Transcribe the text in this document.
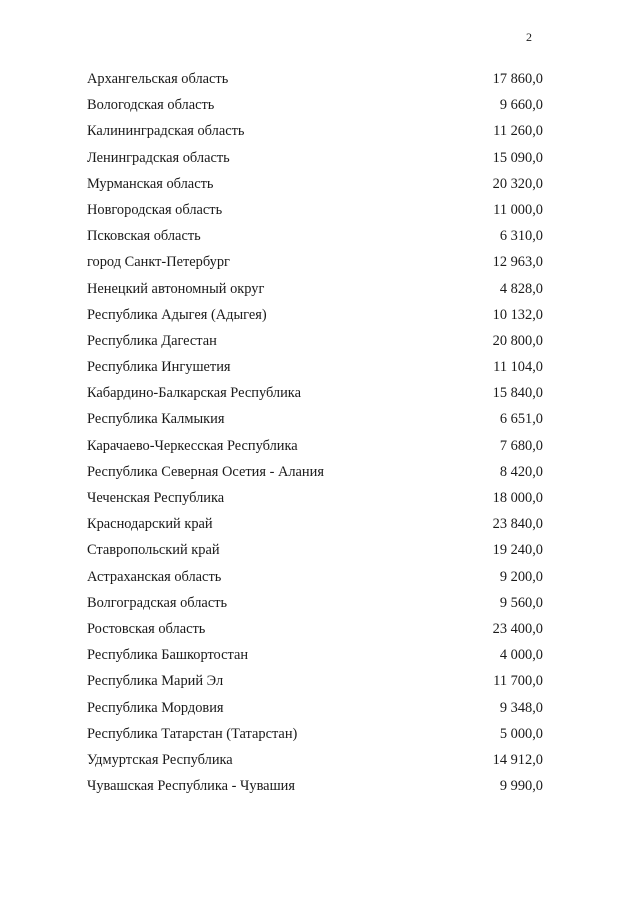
2
Архангельская область	17 860,0
Вологодская область	9 660,0
Калининградская область	11 260,0
Ленинградская область	15 090,0
Мурманская область	20 320,0
Новгородская область	11 000,0
Псковская область	6 310,0
город Санкт-Петербург	12 963,0
Ненецкий автономный округ	4 828,0
Республика Адыгея (Адыгея)	10 132,0
Республика Дагестан	20 800,0
Республика Ингушетия	11 104,0
Кабардино-Балкарская Республика	15 840,0
Республика Калмыкия	6 651,0
Карачаево-Черкесская Республика	7 680,0
Республика Северная Осетия - Алания	8 420,0
Чеченская Республика	18 000,0
Краснодарский край	23 840,0
Ставропольский край	19 240,0
Астраханская область	9 200,0
Волгоградская область	9 560,0
Ростовская область	23 400,0
Республика Башкортостан	4 000,0
Республика Марий Эл	11 700,0
Республика Мордовия	9 348,0
Республика Татарстан (Татарстан)	5 000,0
Удмуртская Республика	14 912,0
Чувашская Республика - Чувашия	9 990,0
